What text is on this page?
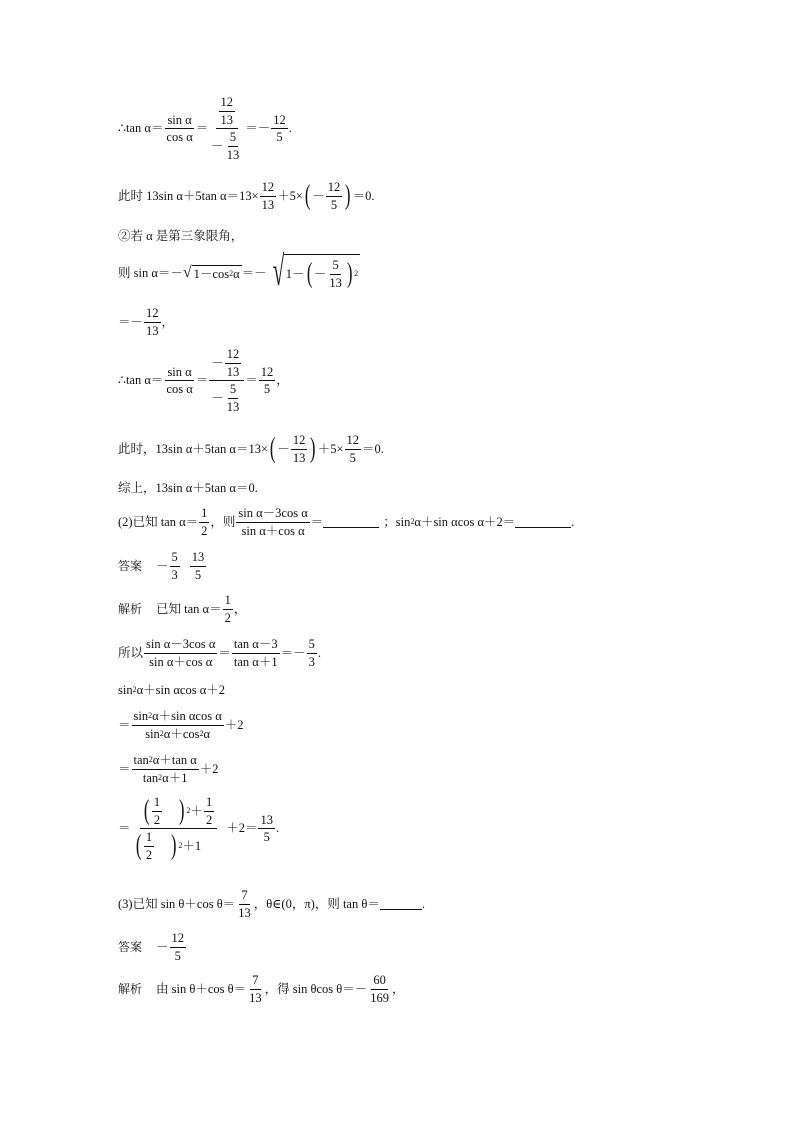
∴tan $\alpha= \frac{\text{sin α}}{\text{cos α}} = \frac{\frac{12}{13}}{- \frac{5}{13}} =- \frac{12}{5}$ .
此时 13sin α＋5tan $\alpha=13\times \frac{12}{13} +5\times$ ( － $\frac{12}{5}$ ) ＝0.
②若 α 是第三象限角，
则 sin α＝－ √ 1－cos 2 α ＝－ √ 1－ ( － $\frac{5}{13}$ ) 2
＝－ $\frac{12}{13}$ ，
∴tan $\alpha= \frac{\text{sin α}}{\text{cos α}} = \frac{- \frac{12}{13}}{- \frac{5}{13}} = \frac{12}{5}$ ，
此时，13sin α＋5tan α＝13× ( － $\frac{12}{13}$ ) $+5\times \frac{12}{5} =0$.
综上，13sin α＋5tan α＝0.
(2)已知 $\tan \alpha= \frac{1}{2}$ ，则 $\frac{\text{sin α－3cos α}}{\text{sin α＋cos α}}$ ＝	；sin 2 α＋sin αcos α＋2＝	.
答案 － $\frac{5}{3} \frac{13}{5}$
解析 已知 $\tan \alpha= \frac{1}{2}$ ，
所以 $\frac{\text{sin α－3cos α}}{\text{sin α＋cos α}} = \frac{\text{tan α－3}}{\text{tan α＋1}} =- \frac{5}{3}$ .
sin 2 α＋sin αcos α＋2
＝ $\frac{\text{sin 2 α＋sin αcos α}}{\sin 2 \alpha+\cos 2 \alpha} +2$
＝ $\frac{\text{tan 2 α＋tan α}}{\tan 2 \alpha+1} +2$
＝ $\frac{( \frac{1}{2} ) 2 + \frac{1}{2}}{( \frac{1}{2} ) 2 +1} +2= \frac{13}{5}$ .
(3)已知 sin θ＋cos $\theta= \frac{7}{13}$ ，θ∈(0，π)，则 tan θ＝	.
答案 － $\frac{12}{5}$
解析 由 sin θ＋cos $\theta= \frac{7}{13}$ ，得 sin θcos $\theta=- \frac{60}{169}$ ，
